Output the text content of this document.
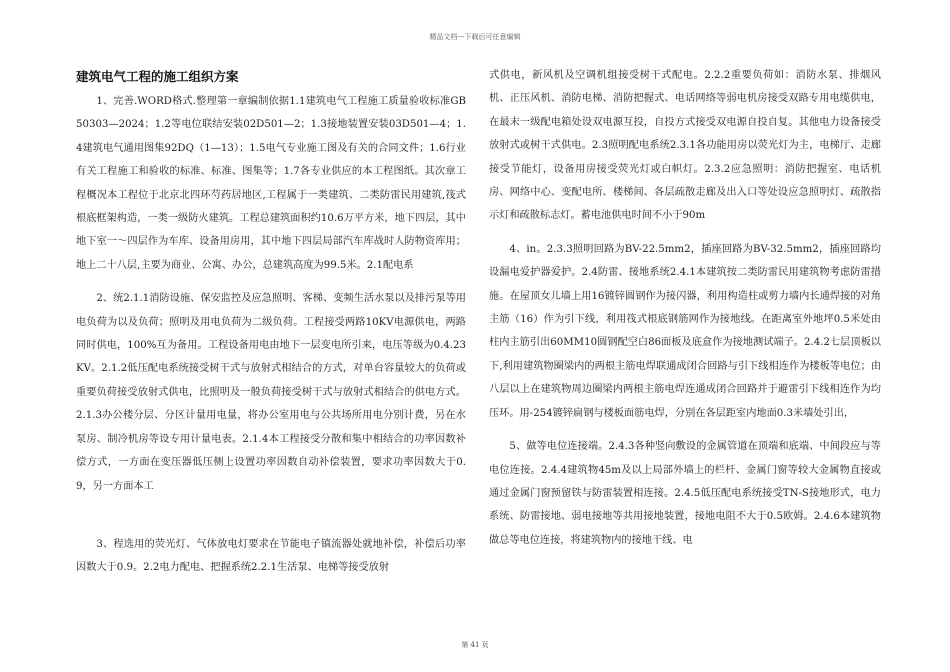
精品文档---下载后可任意编辑
建筑电气工程的施工组织方案

1、完善.WORD格式.整理第一章编制依据1.1建筑电气工程施工质量验收标准GB50303—2024；1.2等电位联结安装02D501—2；1.3接地装置安装03D501—4；1.4建筑电气通用图集92DQ（1—13）；1.5电气专业施工图及有关的合同文件；1.6行业有关工程施工和验收的标准、标准、图集等；1.7各专业供应的本工程图纸。其次章工程概况本工程位于北京北四环芍药居地区,工程属于一类建筑、二类防雷民用建筑,筏式根底框架构造，一类一级防火建筑。工程总建筑面积约10.6万平方米，地下四层，其中地下室一～四层作为车库、设备用房用，其中地下四层局部汽车库战时人防物资库用；地上二十八层,主要为商业、公寓、办公，总建筑高度为99.5米。2.1配电系

2、统2.1.1消防设施、保安监控及应急照明、客梯、变频生活水泵以及排污泵等用电负荷为以及负荷；照明及用电负荷为二级负荷。工程接受两路10KV电源供电，两路同时供电，100%互为备用。工程设备用电由地下一层变电所引来，电压等级为0.4.23KV。2.1.2低压配电系统接受树干式与放射式相结合的方式，对单台容量较大的负荷或重要负荷接受放射式供电，比照明及一般负荷接受树干式与放射式相结合的供电方式。2.1.3办公楼分层、分区计量用电量，将办公室用电与公共场所用电分别计费，另在水泵房、制冷机房等设专用计量电表。2.1.4本工程接受分散和集中相结合的功率因数补偿方式，一方面在变压器低压侧上设置功率因数自动补偿装置，要求功率因数大于0.9，另一方面本工

3、程选用的荧光灯、气体放电灯要求在节能电子镇流器处就地补偿，补偿后功率因数大于0.9。2.2电力配电、把握系统2.2.1生活泵、电梯等接受放射

式供电，新风机及空调机组接受树干式配电。2.2.2重要负荷如：消防水泵、排烟风机、正压风机、消防电梯、消防把握式、电话网络等弱电机房接受双路专用电缆供电，在最末一级配电箱处设双电源互投，自投方式接受双电源自投自复。其他电力设备接受放射式或树干式供电。2.3照明配电系统2.3.1各功能用房以荧光灯为主，电梯厅、走廊接受节能灯，设备用房接受荧光灯或白帜灯。2.3.2应急照明：消防把握室、电话机房、网络中心、变配电所、楼梯间、各层疏散走廊及出入口等处设应急照明灯、疏散指示灯和疏散标志灯。蓄电池供电时间不小于90m

4、in。2.3.3照明回路为BV-22.5mm2，插座回路为BV-32.5mm2，插座回路均设漏电爱护器爱护。2.4防雷、接地系统2.4.1本建筑按二类防雷民用建筑物考虑防雷措施。在屋顶女儿墙上用16镀锌圆钢作为接闪器，利用构造柱或剪力墙内长通焊接的对角主筋（16）作为引下线，利用筏式根底钢筋网作为接地线。在距离室外地坪0.5米处由柱内主筋引出60MM10圆钢配空白86面板及底盒作为接地测试端子。2.4.2七层顶板以下,利用建筑物圈梁内的两根主筋电焊联通成闭合回路与引下线相连作为楼板等电位；由八层以上在建筑物周边圈梁内两根主筋电焊连通成闭合回路并于避雷引下线相连作为均压环。用-254镀锌扁钢与楼板面筋电焊，分别在各层距室内地面0.3米墙处引出，

5、做等电位连接端。2.4.3各种竖向敷设的金属管道在顶端和底端、中间段应与等电位连接。2.4.4建筑物45m及以上局部外墙上的栏杆、金属门窗等较大金属物直接或通过金属门窗预留铁与防雷装置相连接。2.4.5低压配电系统接受TN-S接地形式，电力系统、防雷接地、弱电接地等共用接地装置，接地电阻不大于0.5欧姆。2.4.6本建筑物做总等电位连接，将建筑物内的接地干线、电

第 41 页
